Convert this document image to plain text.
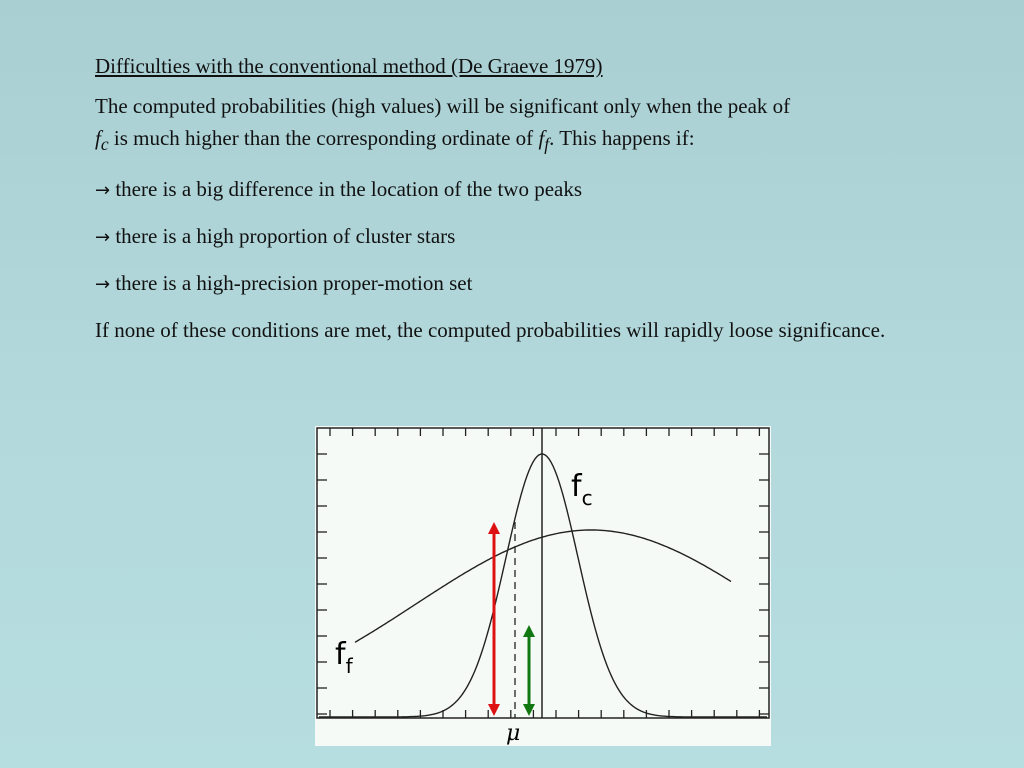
Difficulties with the conventional method (De Graeve 1979)

The computed probabilities (high values) will be significant only when the peak of
$f_c$ is much higher than the corresponding ordinate of $f_f$. This happens if:

→ there is a big difference in the location of the two peaks

→ there is a high proportion of cluster stars

→ there is a high-precision proper-motion set

If none of these conditions are met, the computed probabilities will rapidly loose significance.

$f_c$
$f_f$
μ
